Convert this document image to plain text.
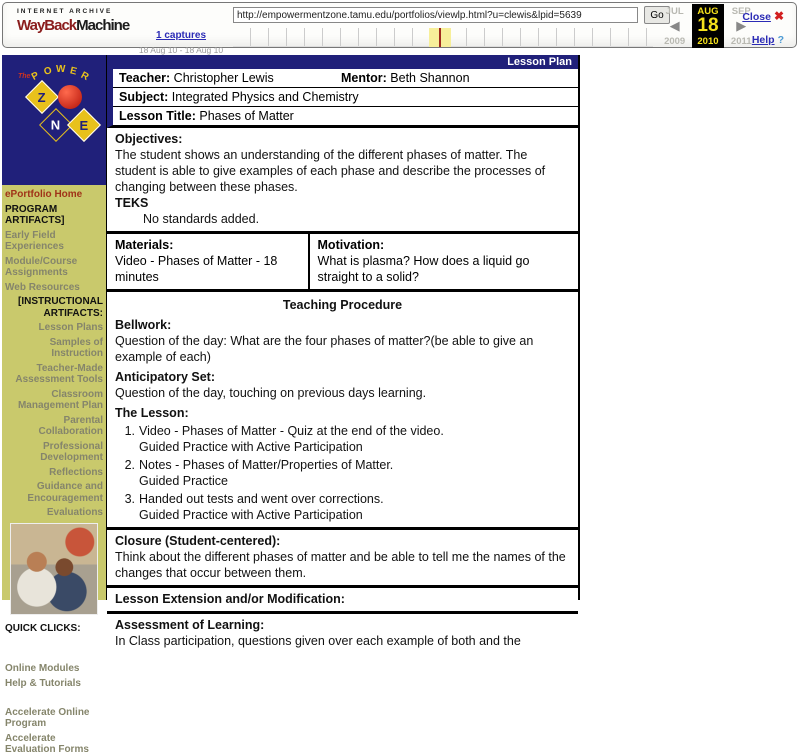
INTERNET ARCHIVE
WayBackMachine
1 captures
18 Aug 10 - 18 Aug 10
http://empowermentzone.tamu.edu/portfolios/viewlp.html?u=clewis&lpid=5639
Go JUL	AUG	SEP
◀ 18	▶
2009	2010	2011
Close ✖
Help ?
The P O W E R
Z
N E
ePortfolio Home
PROGRAM ARTIFACTS]
Early Field Experiences
Module/Course Assignments
Web Resources
[INSTRUCTIONAL
ARTIFACTS:
Lesson Plans
Samples of Instruction
Teacher-Made Assessment Tools
Classroom Management Plan
Parental Collaboration
Professional Development
Reflections
Guidance and Encouragement
Evaluations
QUICK CLICKS:
My eAssessment Center
Online Modules
Help & Tutorials
ePortfolio Center
Accelerate Online Program
Accelerate Evaluation Forms
Lesson Plan
Teacher: Christopher Lewis	Mentor: Beth Shannon
Subject: Integrated Physics and Chemistry
Lesson Title: Phases of Matter
Objectives:
The student shows an understanding of the different phases of matter. The student is able to give examples of each phase and describe the processes of changing between these phases.
TEKS
No standards added.
Materials:
Video - Phases of Matter - 18 minutes
Motivation:
What is plasma? How does a liquid go straight to a solid?
Teaching Procedure
Bellwork:
Question of the day: What are the four phases of matter?(be able to give an example of each)
Anticipatory Set:
Question of the day, touching on previous days learning.
The Lesson:
1. Video - Phases of Matter - Quiz at the end of the video.
Guided Practice with Active Participation
2. Notes - Phases of Matter/Properties of Matter.
Guided Practice
3. Handed out tests and went over corrections.
Guided Practice with Active Participation
Closure (Student-centered):
Think about the different phases of matter and be able to tell me the names of the changes that occur between them.
Lesson Extension and/or Modification:
Assessment of Learning:
In Class participation, questions given over each example of both and the
